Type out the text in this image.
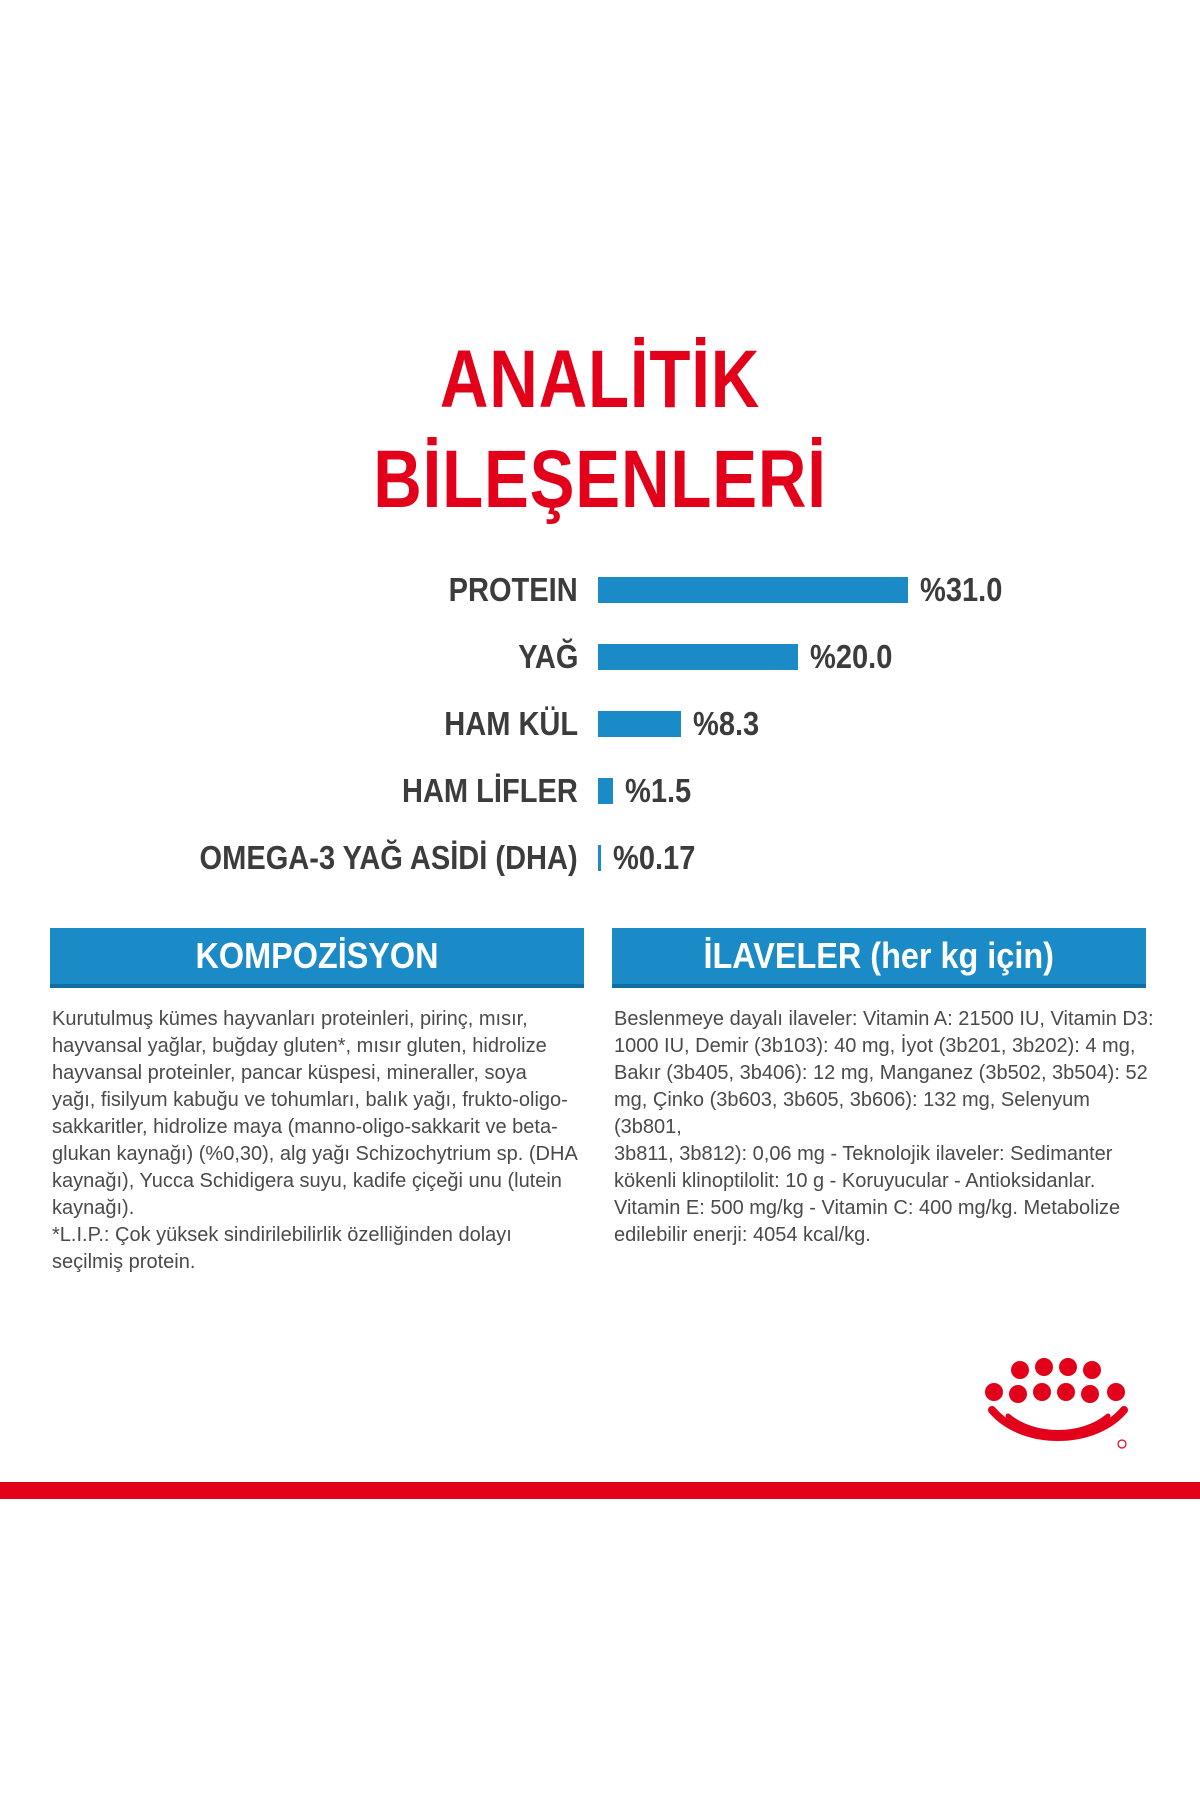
ANALİTİK
BİLEŞENLERİ
PROTEIN	%31.0
YAĞ	%20.0
HAM KÜL	%8.3
HAM LİFLER %1.5
OMEGA-3 YAĞ ASİDİ (DHA) %0.17
KOMPOZİSYON	İLAVELER (her kg için)
Kurutulmuş kümes hayvanları proteinleri, pirinç, mısır,
hayvansal yağlar, buğday gluten*, mısır gluten, hidrolize
hayvansal proteinler, pancar küspesi, mineraller, soya
yağı, fisilyum kabuğu ve tohumları, balık yağı, frukto-oligo-
sakkaritler, hidrolize maya (manno-oligo-sakkarit ve beta-
glukan kaynağı) (%0,30), alg yağı Schizochytrium sp. (DHA
kaynağı), Yucca Schidigera suyu, kadife çiçeği unu (lutein
kaynağı).
*L.I.P.: Çok yüksek sindirilebilirlik özelliğinden dolayı
seçilmiş protein.
Beslenmeye dayalı ilaveler: Vitamin A: 21500 IU, Vitamin D3:
1000 IU, Demir (3b103): 40 mg, İyot (3b201, 3b202): 4 mg,
Bakır (3b405, 3b406): 12 mg, Manganez (3b502, 3b504): 52
mg, Çinko (3b603, 3b605, 3b606): 132 mg, Selenyum (3b801,
3b811, 3b812): 0,06 mg - Teknolojik ilaveler: Sedimanter
kökenli klinoptilolit: 10 g - Koruyucular - Antioksidanlar.
Vitamin E: 500 mg/kg - Vitamin C: 400 mg/kg. Metabolize
edilebilir enerji: 4054 kcal/kg.
